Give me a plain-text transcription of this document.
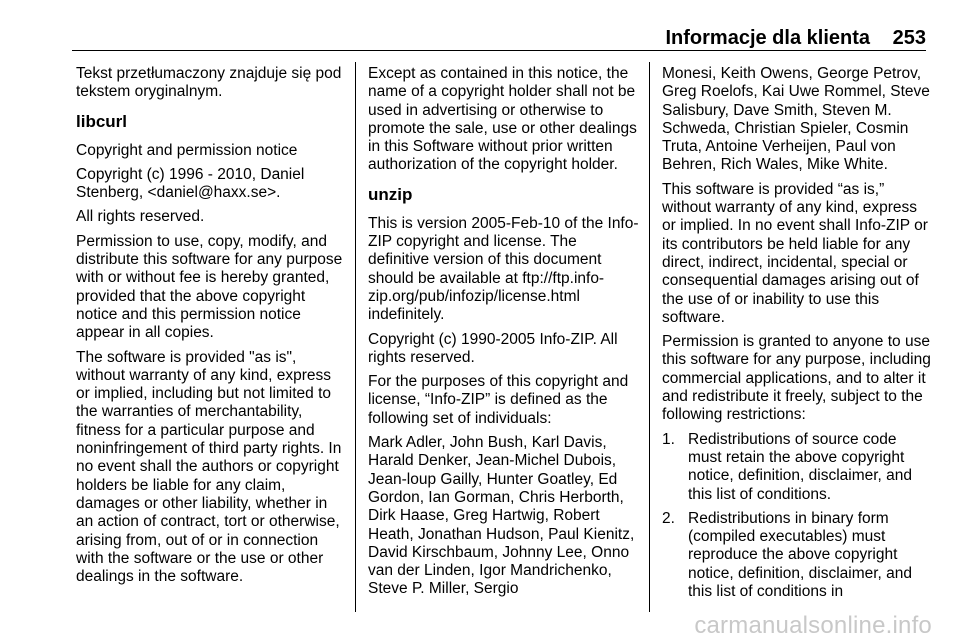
Informacje dla klienta	253

Tekst przetłumaczony znajduje się pod tekstem oryginalnym.

libcurl

Copyright and permission notice

Copyright (c) 1996 - 2010, Daniel Stenberg, <daniel@haxx.se>.

All rights reserved.

Permission to use, copy, modify, and distribute this software for any purpose with or without fee is hereby granted, provided that the above copyright notice and this permission notice appear in all copies.

The software is provided "as is", without warranty of any kind, express or implied, including but not limited to the warranties of merchantability, fitness for a particular purpose and noninfringement of third party rights. In no event shall the authors or copyright holders be liable for any claim, damages or other liability, whether in an action of contract, tort or otherwise, arising from, out of or in connection with the software or the use or other dealings in the software.

Except as contained in this notice, the name of a copyright holder shall not be used in advertising or otherwise to promote the sale, use or other dealings in this Software without prior written authorization of the copyright holder.

unzip

This is version 2005-Feb-10 of the Info-ZIP copyright and license. The definitive version of this document should be available at ftp://ftp.info-zip.org/pub/infozip/license.html indefinitely.

Copyright (c) 1990-2005 Info-ZIP. All rights reserved.

For the purposes of this copyright and license, “Info-ZIP” is defined as the following set of individuals:

Mark Adler, John Bush, Karl Davis, Harald Denker, Jean-Michel Dubois, Jean-loup Gailly, Hunter Goatley, Ed Gordon, Ian Gorman, Chris Herborth, Dirk Haase, Greg Hartwig, Robert Heath, Jonathan Hudson, Paul Kienitz, David Kirschbaum, Johnny Lee, Onno van der Linden, Igor Mandrichenko, Steve P. Miller, Sergio

Monesi, Keith Owens, George Petrov, Greg Roelofs, Kai Uwe Rommel, Steve Salisbury, Dave Smith, Steven M. Schweda, Christian Spieler, Cosmin Truta, Antoine Verheijen, Paul von Behren, Rich Wales, Mike White.

This software is provided “as is,” without warranty of any kind, express or implied. In no event shall Info-ZIP or its contributors be held liable for any direct, indirect, incidental, special or consequential damages arising out of the use of or inability to use this software.

Permission is granted to anyone to use this software for any purpose, including commercial applications, and to alter it and redistribute it freely, subject to the following restrictions:

1. Redistributions of source code must retain the above copyright notice, definition, disclaimer, and this list of conditions.
2. Redistributions in binary form (compiled executables) must reproduce the above copyright notice, definition, disclaimer, and this list of conditions in
carmanualsonline.info
